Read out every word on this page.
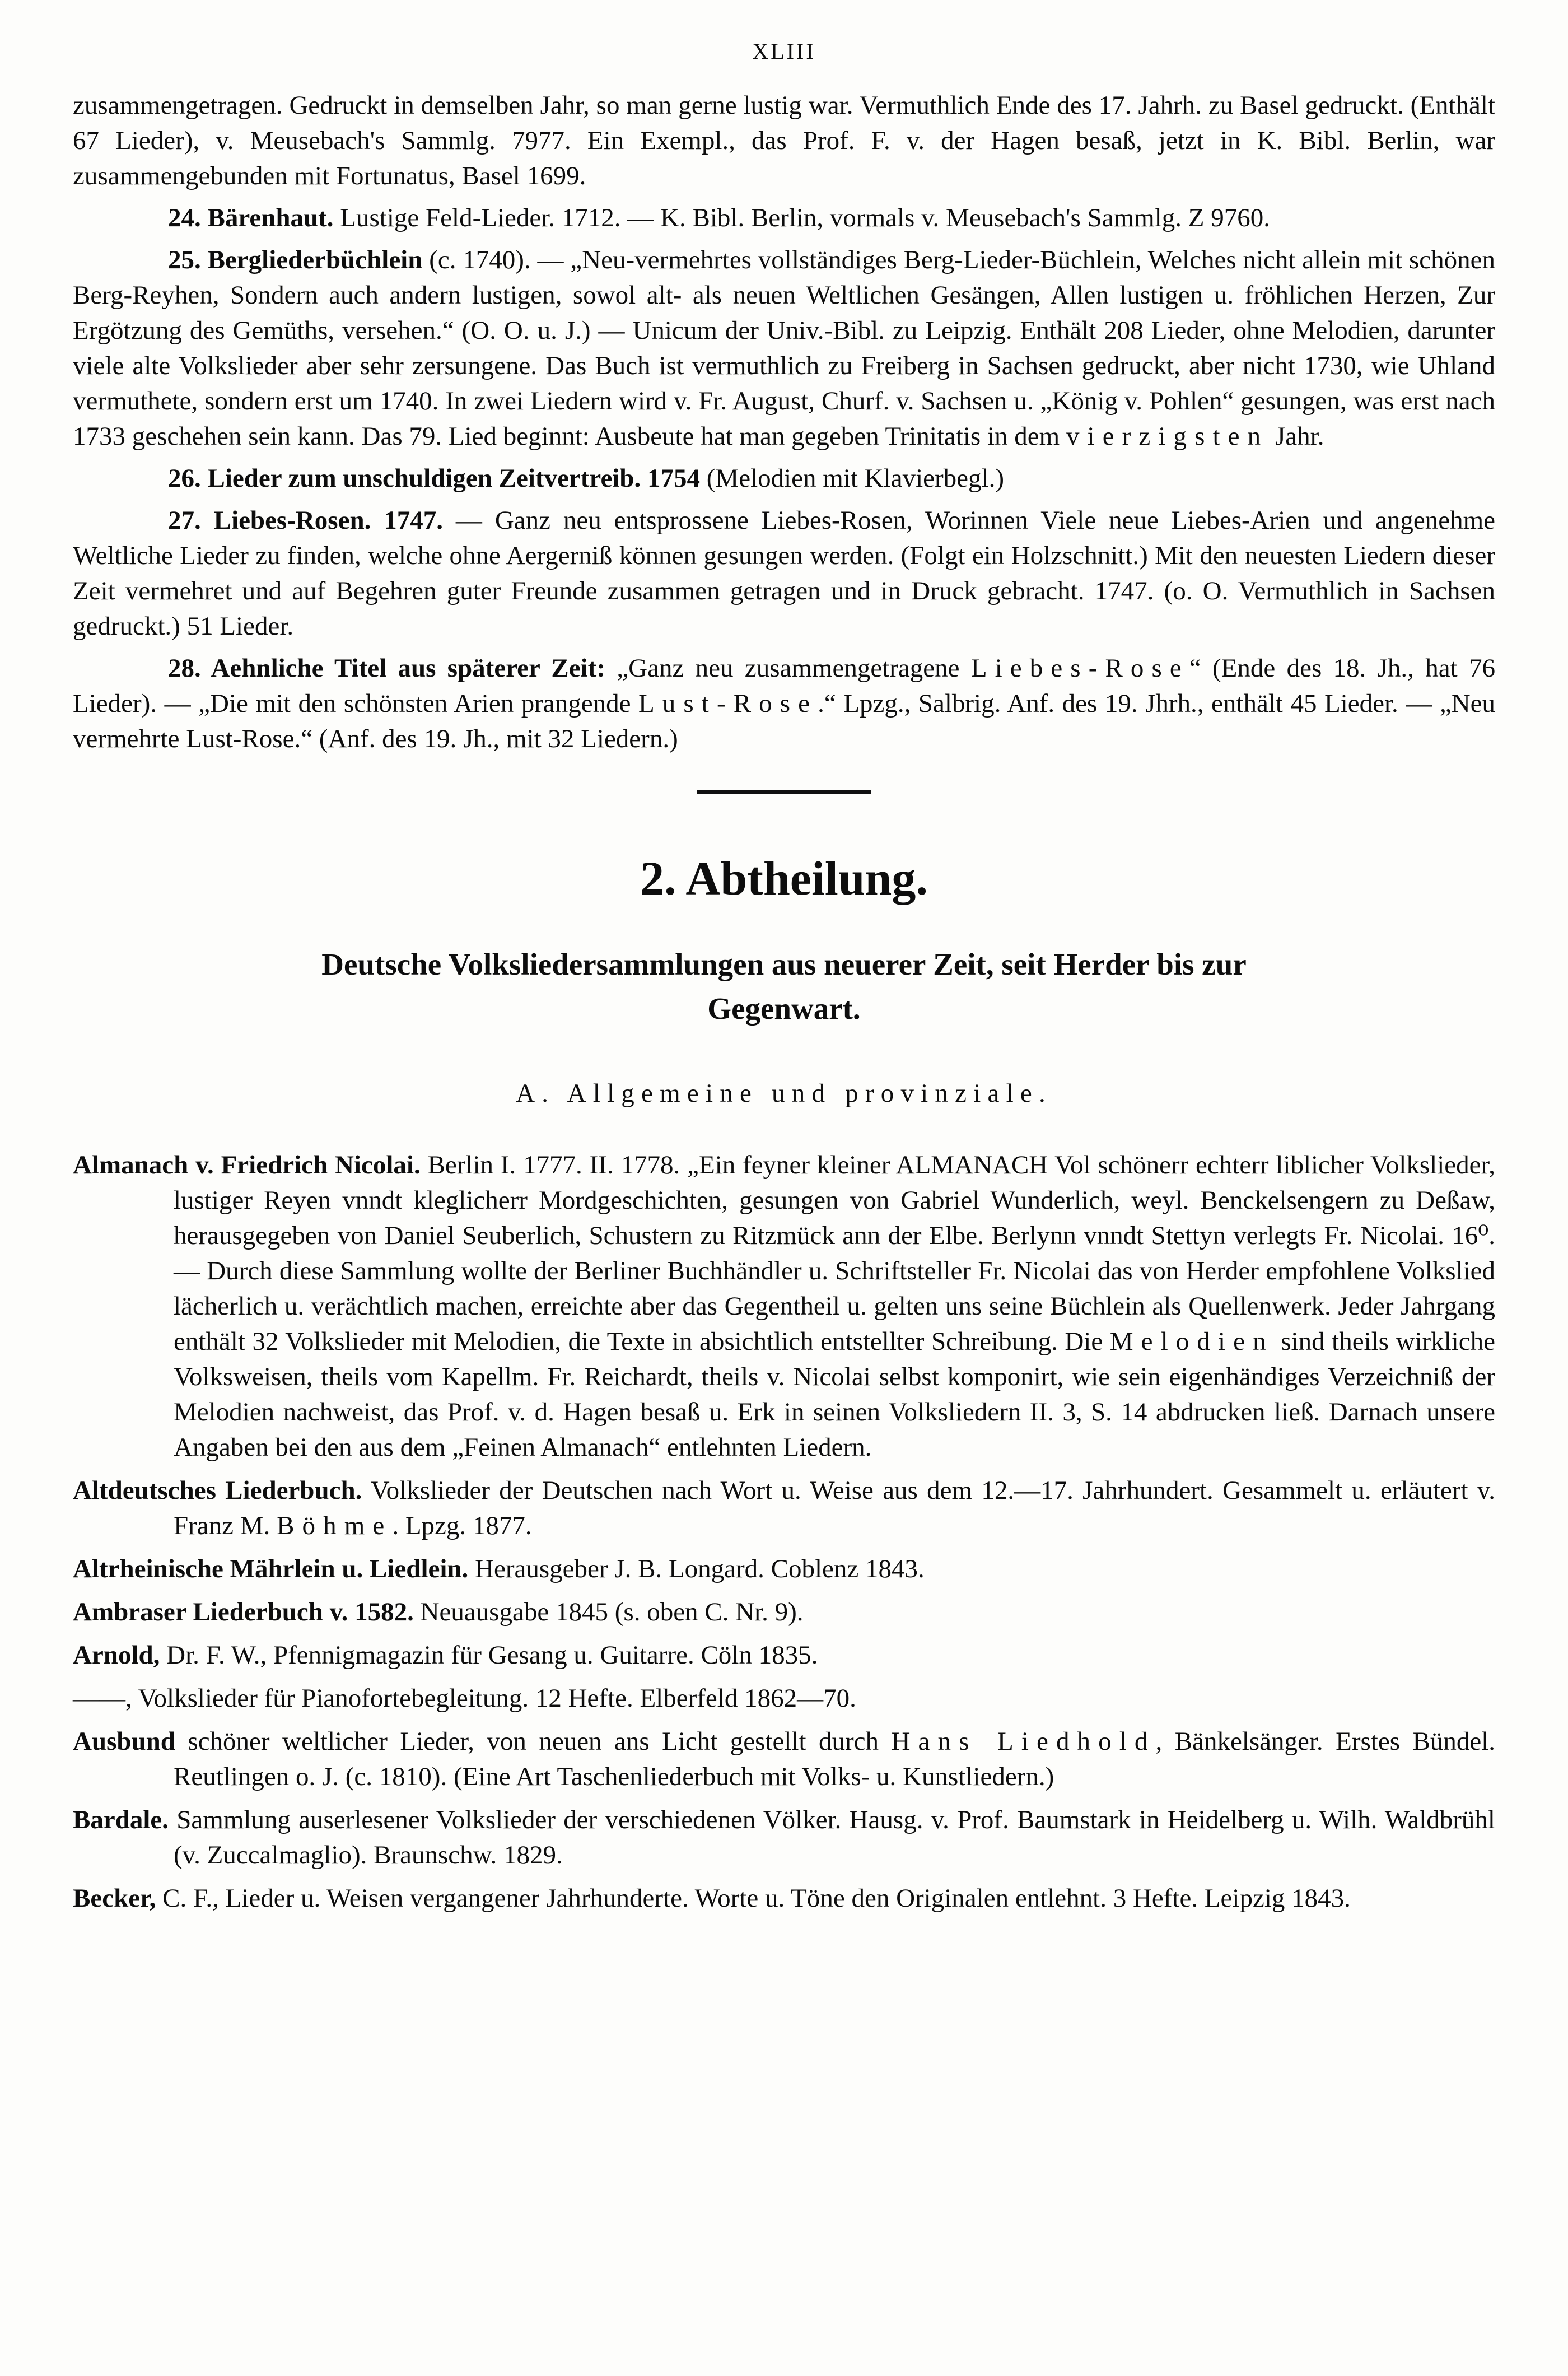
XLIII

zusammengetragen. Gedruckt in demselben Jahr, so man gerne lustig war. Vermuthlich Ende des 17. Jahrh. zu Basel gedruckt. (Enthält 67 Lieder), v. Meusebach's Sammlg. 7977. Ein Exempl., das Prof. F. v. der Hagen besaß, jetzt in K. Bibl. Berlin, war zusammengebunden mit Fortunatus, Basel 1699.

24. Bärenhaut. Lustige Feld-Lieder. 1712. — K. Bibl. Berlin, vormals v. Meusebach's Sammlg. Z 9760.

25. Bergliederbüchlein (c. 1740). — „Neu-vermehrtes vollständiges Berg-Lieder-Büchlein, Welches nicht allein mit schönen Berg-Reyhen, Sondern auch andern lustigen, sowol alt- als neuen Weltlichen Gesängen, Allen lustigen u. fröhlichen Herzen, Zur Ergötzung des Gemüths, versehen.“ (O. O. u. J.) — Unicum der Univ.-Bibl. zu Leipzig. Enthält 208 Lieder, ohne Melodien, darunter viele alte Volkslieder aber sehr zersungene. Das Buch ist vermuthlich zu Freiberg in Sachsen gedruckt, aber nicht 1730, wie Uhland vermuthete, sondern erst um 1740. In zwei Liedern wird v. Fr. August, Churf. v. Sachsen u. „König v. Pohlen“ gesungen, was erst nach 1733 geschehen sein kann. Das 79. Lied beginnt: Ausbeute hat man gegeben Trinitatis in dem vierzigsten Jahr.

26. Lieder zum unschuldigen Zeitvertreib. 1754 (Melodien mit Klavierbegl.)

27. Liebes-Rosen. 1747. — Ganz neu entsprossene Liebes-Rosen, Worinnen Viele neue Liebes-Arien und angenehme Weltliche Lieder zu finden, welche ohne Aergerniß können gesungen werden. (Folgt ein Holzschnitt.) Mit den neuesten Liedern dieser Zeit vermehret und auf Begehren guter Freunde zusammen getragen und in Druck gebracht. 1747. (o. O. Vermuthlich in Sachsen gedruckt.) 51 Lieder.

28. Aehnliche Titel aus späterer Zeit: „Ganz neu zusammengetragene Liebes-Rose“ (Ende des 18. Jh., hat 76 Lieder). — „Die mit den schönsten Arien prangende Lust-Rose.“ Lpzg., Salbrig. Anf. des 19. Jhrh., enthält 45 Lieder. — „Neu vermehrte Lust-Rose.“ (Anf. des 19. Jh., mit 32 Liedern.)

2. Abtheilung.
Deutsche Volksliedersammlungen aus neuerer Zeit, seit Herder bis zur
Gegenwart.
A. Allgemeine und provinziale.

Almanach v. Friedrich Nicolai. Berlin I. 1777. II. 1778. „Ein feyner kleiner ALMANACH Vol schönerr echterr liblicher Volkslieder, lustiger Reyen vnndt kleglicherr Mordgeschichten, gesungen von Gabriel Wunderlich, weyl. Benckelsengern zu Deßaw, herausgegeben von Daniel Seuberlich, Schustern zu Ritzmück ann der Elbe. Berlynn vnndt Stettyn verlegts Fr. Nicolai. 16⁰. — Durch diese Sammlung wollte der Berliner Buchhändler u. Schriftsteller Fr. Nicolai das von Herder empfohlene Volkslied lächerlich u. verächtlich machen, erreichte aber das Gegentheil u. gelten uns seine Büchlein als Quellenwerk. Jeder Jahrgang enthält 32 Volkslieder mit Melodien, die Texte in absichtlich entstellter Schreibung. Die Melodien sind theils wirkliche Volksweisen, theils vom Kapellm. Fr. Reichardt, theils v. Nicolai selbst komponirt, wie sein eigenhändiges Verzeichniß der Melodien nachweist, das Prof. v. d. Hagen besaß u. Erk in seinen Volksliedern II. 3, S. 14 abdrucken ließ. Darnach unsere Angaben bei den aus dem „Feinen Almanach“ entlehnten Liedern.

Altdeutsches Liederbuch. Volkslieder der Deutschen nach Wort u. Weise aus dem 12.—17. Jahrhundert. Gesammelt u. erläutert v. Franz M. Böhme. Lpzg. 1877.

Altrheinische Mährlein u. Liedlein. Herausgeber J. B. Longard. Coblenz 1843.

Ambraser Liederbuch v. 1582. Neuausgabe 1845 (s. oben C. Nr. 9).

Arnold, Dr. F. W., Pfennigmagazin für Gesang u. Guitarre. Cöln 1835.

——, Volkslieder für Pianofortebegleitung. 12 Hefte. Elberfeld 1862—70.

Ausbund schöner weltlicher Lieder, von neuen ans Licht gestellt durch Hans Liedhold, Bänkelsänger. Erstes Bündel. Reutlingen o. J. (c. 1810). (Eine Art Taschenliederbuch mit Volks- u. Kunstliedern.)

Bardale. Sammlung auserlesener Volkslieder der verschiedenen Völker. Hausg. v. Prof. Baumstark in Heidelberg u. Wilh. Waldbrühl (v. Zuccalmaglio). Braunschw. 1829.

Becker, C. F., Lieder u. Weisen vergangener Jahrhunderte. Worte u. Töne den Originalen entlehnt. 3 Hefte. Leipzig 1843.
